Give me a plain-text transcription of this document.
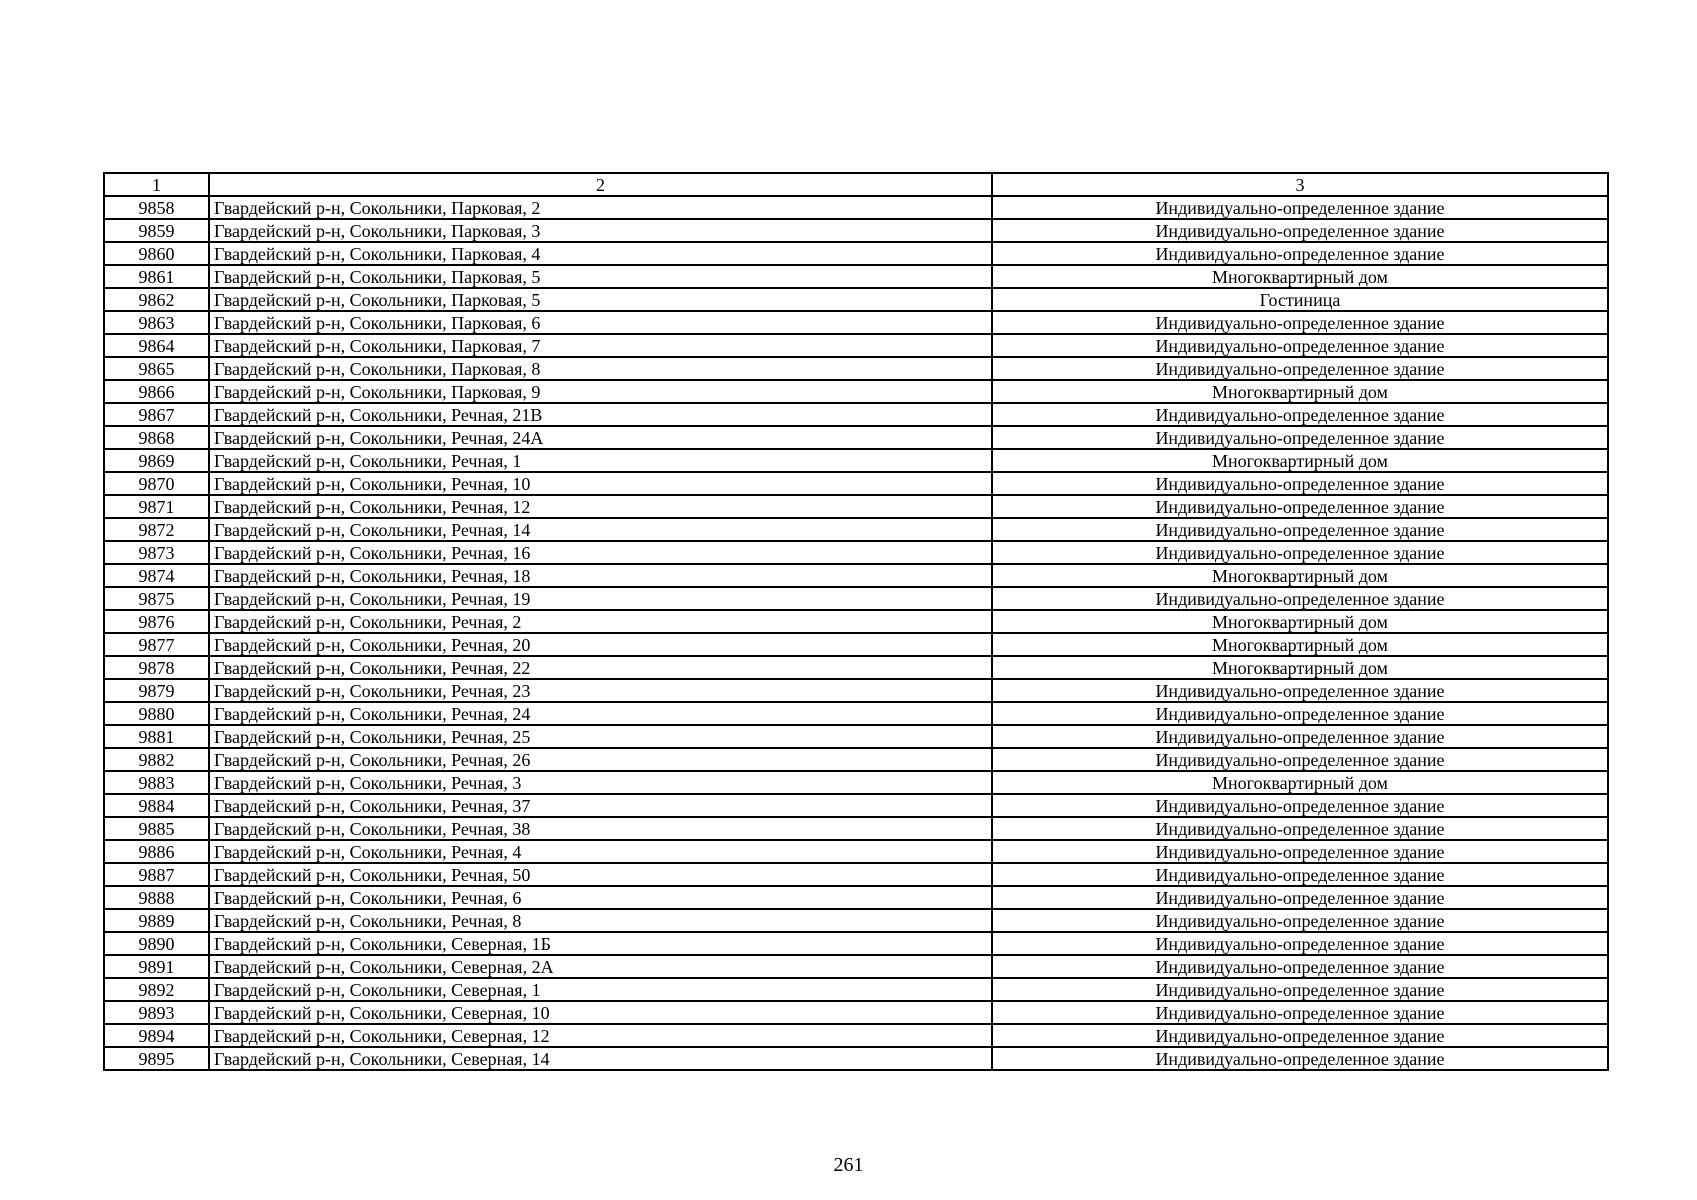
1	2	3
9858	Гвардейский р-н, Сокольники, Парковая, 2	Индивидуально-определенное здание
9859	Гвардейский р-н, Сокольники, Парковая, 3	Индивидуально-определенное здание
9860	Гвардейский р-н, Сокольники, Парковая, 4	Индивидуально-определенное здание
9861	Гвардейский р-н, Сокольники, Парковая, 5	Многоквартирный дом
9862	Гвардейский р-н, Сокольники, Парковая, 5	Гостиница
9863	Гвардейский р-н, Сокольники, Парковая, 6	Индивидуально-определенное здание
9864	Гвардейский р-н, Сокольники, Парковая, 7	Индивидуально-определенное здание
9865	Гвардейский р-н, Сокольники, Парковая, 8	Индивидуально-определенное здание
9866	Гвардейский р-н, Сокольники, Парковая, 9	Многоквартирный дом
9867	Гвардейский р-н, Сокольники, Речная, 21В	Индивидуально-определенное здание
9868	Гвардейский р-н, Сокольники, Речная, 24А	Индивидуально-определенное здание
9869	Гвардейский р-н, Сокольники, Речная, 1	Многоквартирный дом
9870	Гвардейский р-н, Сокольники, Речная, 10	Индивидуально-определенное здание
9871	Гвардейский р-н, Сокольники, Речная, 12	Индивидуально-определенное здание
9872	Гвардейский р-н, Сокольники, Речная, 14	Индивидуально-определенное здание
9873	Гвардейский р-н, Сокольники, Речная, 16	Индивидуально-определенное здание
9874	Гвардейский р-н, Сокольники, Речная, 18	Многоквартирный дом
9875	Гвардейский р-н, Сокольники, Речная, 19	Индивидуально-определенное здание
9876	Гвардейский р-н, Сокольники, Речная, 2	Многоквартирный дом
9877	Гвардейский р-н, Сокольники, Речная, 20	Многоквартирный дом
9878	Гвардейский р-н, Сокольники, Речная, 22	Многоквартирный дом
9879	Гвардейский р-н, Сокольники, Речная, 23	Индивидуально-определенное здание
9880	Гвардейский р-н, Сокольники, Речная, 24	Индивидуально-определенное здание
9881	Гвардейский р-н, Сокольники, Речная, 25	Индивидуально-определенное здание
9882	Гвардейский р-н, Сокольники, Речная, 26	Индивидуально-определенное здание
9883	Гвардейский р-н, Сокольники, Речная, 3	Многоквартирный дом
9884	Гвардейский р-н, Сокольники, Речная, 37	Индивидуально-определенное здание
9885	Гвардейский р-н, Сокольники, Речная, 38	Индивидуально-определенное здание
9886	Гвардейский р-н, Сокольники, Речная, 4	Индивидуально-определенное здание
9887	Гвардейский р-н, Сокольники, Речная, 50	Индивидуально-определенное здание
9888	Гвардейский р-н, Сокольники, Речная, 6	Индивидуально-определенное здание
9889	Гвардейский р-н, Сокольники, Речная, 8	Индивидуально-определенное здание
9890	Гвардейский р-н, Сокольники, Северная, 1Б	Индивидуально-определенное здание
9891	Гвардейский р-н, Сокольники, Северная, 2А	Индивидуально-определенное здание
9892	Гвардейский р-н, Сокольники, Северная, 1	Индивидуально-определенное здание
9893	Гвардейский р-н, Сокольники, Северная, 10	Индивидуально-определенное здание
9894	Гвардейский р-н, Сокольники, Северная, 12	Индивидуально-определенное здание
9895	Гвардейский р-н, Сокольники, Северная, 14	Индивидуально-определенное здание
261
